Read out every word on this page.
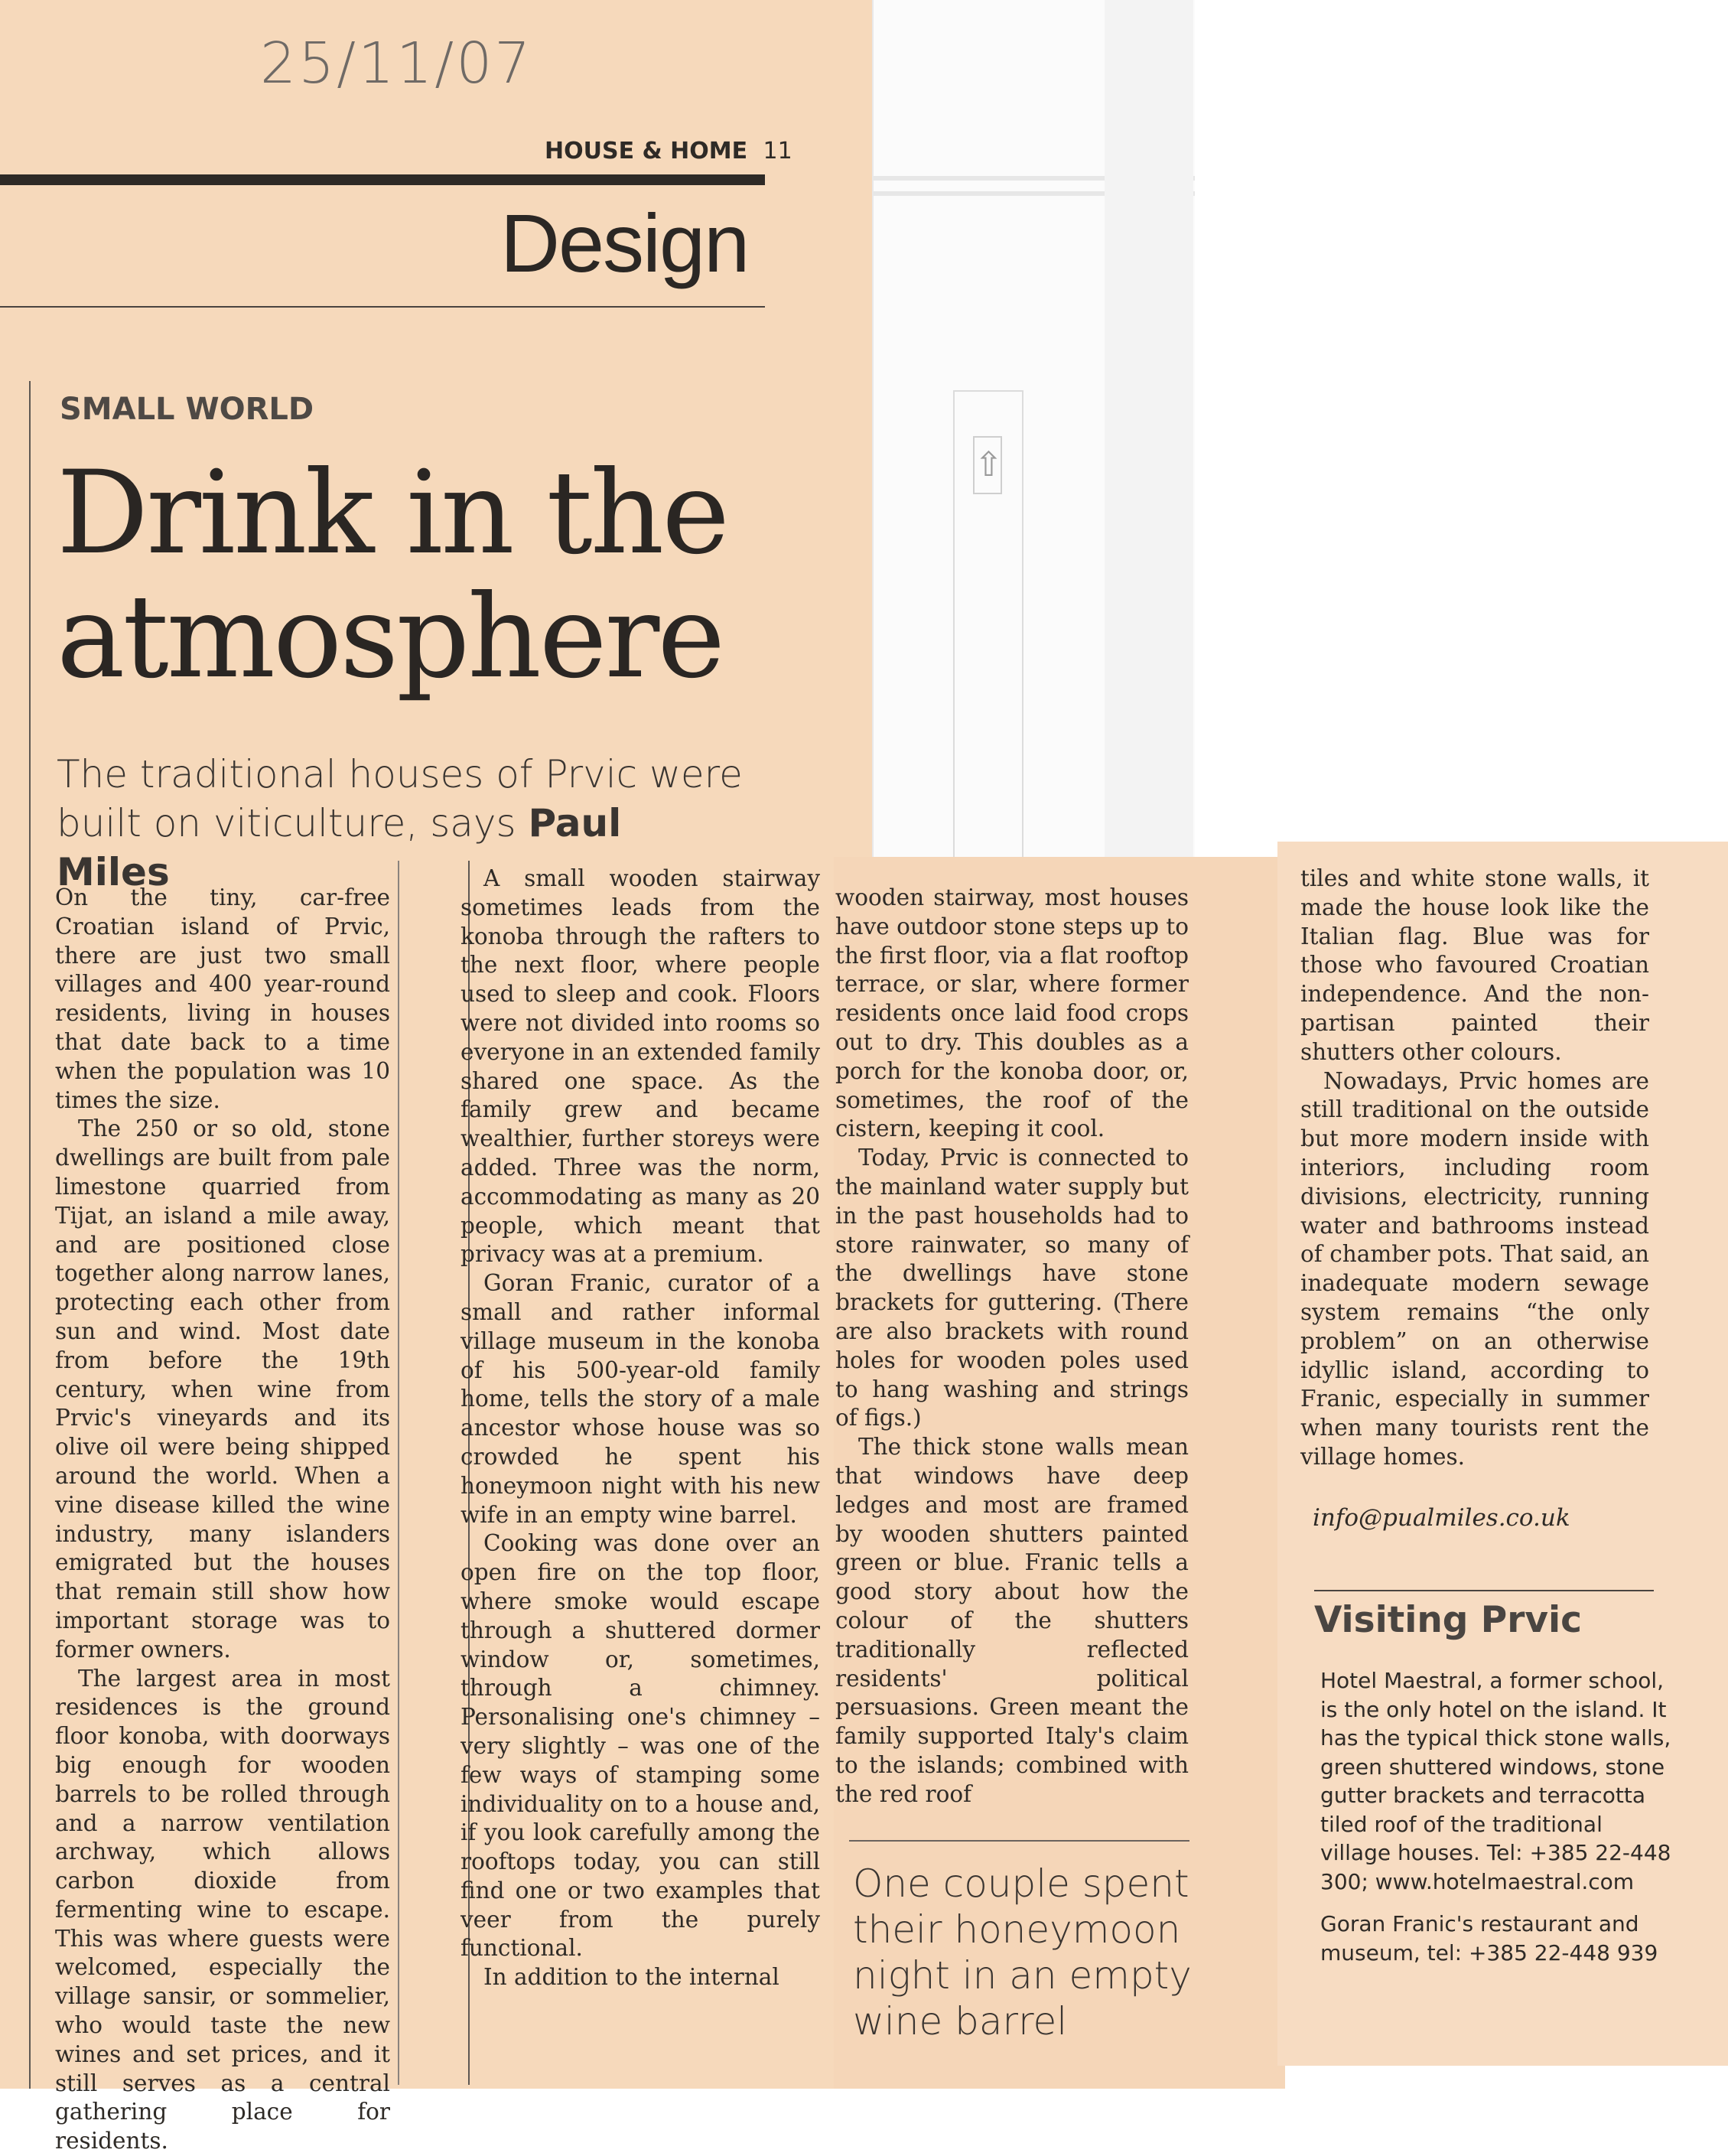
⇧
25/11/07
HOUSE & HOME 11
Design
SMALL WORLD
Drink in the
atmosphere
The traditional houses of Prvic were built on viticulture, says Paul Miles

On the tiny, car-free Croatian island of Prvic, there are just two small villages and 400 year-round residents, living in houses that date back to a time when the population was 10 times the size.

The 250 or so old, stone dwellings are built from pale limestone quarried from Tijat, an island a mile away, and are positioned close together along narrow lanes, protecting each other from sun and wind. Most date from before the 19th century, when wine from Prvic's vineyards and its olive oil were being shipped around the world. When a vine disease killed the wine industry, many islanders emigrated but the houses that remain still show how important storage was to former owners.

The largest area in most residences is the ground floor konoba, with doorways big enough for wooden barrels to be rolled through and a narrow ventilation archway, which allows carbon dioxide from fermenting wine to escape. This was where guests were welcomed, especially the village sansir, or sommelier, who would taste the new wines and set prices, and it still serves as a central gathering place for residents.

A small wooden stairway sometimes leads from the konoba through the rafters to the next floor, where people used to sleep and cook. Floors were not divided into rooms so everyone in an extended family shared one space. As the family grew and became wealthier, further storeys were added. Three was the norm, accommodating as many as 20 people, which meant that privacy was at a premium.

Goran Franic, curator of a small and rather informal village museum in the konoba of his 500-year-old family home, tells the story of a male ancestor whose house was so crowded he spent his honeymoon night with his new wife in an empty wine barrel.

Cooking was done over an open fire on the top floor, where smoke would escape through a shuttered dormer window or, sometimes, through a chimney. Personalising one's chimney – very slightly – was one of the few ways of stamping some individuality on to a house and, if you look carefully among the rooftops today, you can still find one or two examples that veer from the purely functional.

In addition to the internal

wooden stairway, most houses have outdoor stone steps up to the first floor, via a flat rooftop terrace, or slar, where former residents once laid food crops out to dry. This doubles as a porch for the konoba door, or, sometimes, the roof of the cistern, keeping it cool.

Today, Prvic is connected to the mainland water supply but in the past households had to store rainwater, so many of the dwellings have stone brackets for guttering. (There are also brackets with round holes for wooden poles used to hang washing and strings of figs.)

The thick stone walls mean that windows have deep ledges and most are framed by wooden shutters painted green or blue. Franic tells a good story about how the colour of the shutters traditionally reflected residents' political persuasions. Green meant the family supported Italy's claim to the islands; combined with the red roof

One couple spent their honeymoon night in an empty wine barrel

tiles and white stone walls, it made the house look like the Italian flag. Blue was for those who favoured Croatian independence. And the non-partisan painted their shutters other colours.

Nowadays, Prvic homes are still traditional on the outside but more modern inside with interiors, including room divisions, electricity, running water and bathrooms instead of chamber pots. That said, an inadequate modern sewage system remains “the only problem” on an otherwise idyllic island, according to Franic, especially in summer when many tourists rent the village homes.

info@pualmiles.co.uk
Visiting Prvic

Hotel Maestral, a former school, is the only hotel on the island. It has the typical thick stone walls, green shuttered windows, stone gutter brackets and terracotta tiled roof of the traditional village houses. Tel: +385 22-448 300; www.hotelmaestral.com

Goran Franic's restaurant and museum, tel: +385 22-448 939
